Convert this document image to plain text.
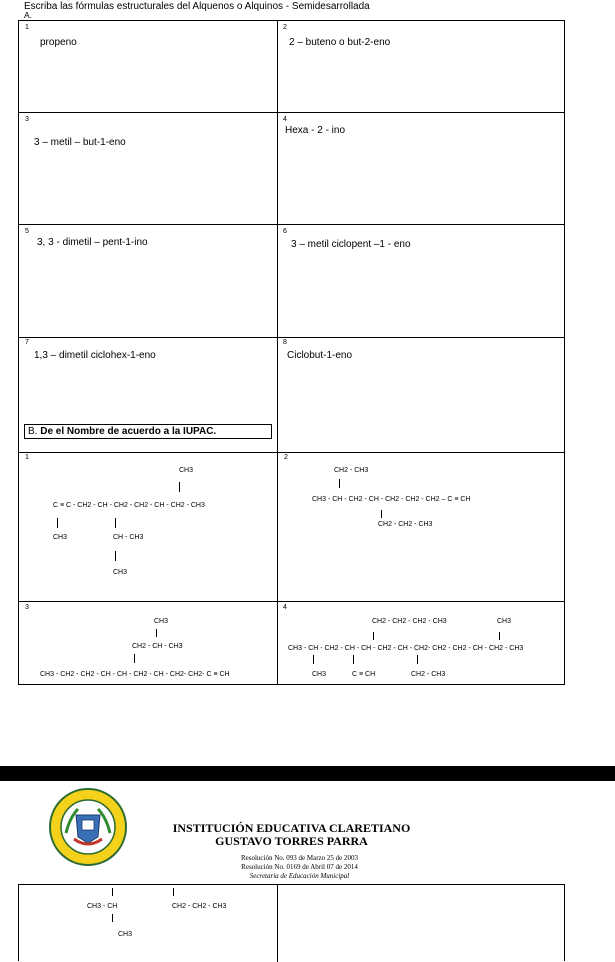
Escriba las fórmulas estructurales del Alquenos o Alquinos - Semidesarrollada
A.
1
propeno
2
2 – buteno o but-2-eno
3
3 – metil – but-1-eno
4
Hexa - 2 - ino
5
3, 3 - dimetil – pent-1-ino
6
3 – metil ciclopent –1 - eno
7
1,3 – dimetil ciclohex-1-eno
8
Ciclobut-1-eno
B. De el Nombre de acuerdo a la IUPAC.
1
CH3
C ≡ C - CH2 - CH - CH2 - CH2 - CH - CH2 - CH3
CH3	CH - CH3
CH3
2
CH2 - CH3
CH3 - CH - CH2 - CH - CH2 - CH2 - CH2 – C ≡ CH
CH2 - CH2 - CH3
3
CH3
CH2 - CH - CH3
CH3 - CH2 - CH2 - CH - CH - CH2 - CH - CH2- CH2- C ≡ CH
4
CH2 - CH2 - CH2 - CH3	CH3
CH3 - CH - CH2 - CH - CH - CH2 - CH - CH2- CH2 - CH2 - CH - CH2 - CH3
CH3	C ≡ CH	CH2 - CH3
INSTITUCIÓN EDUCATIVA CLARETIANO
GUSTAVO TORRES PARRA
Resolución No. 093 de Marzo 25 de 2003
Resolución No. 0169 de Abril 07 de 2014
Secretaria de Educación Municipal
CH3 - CH	CH2 - CH2 - CH3
CH3
